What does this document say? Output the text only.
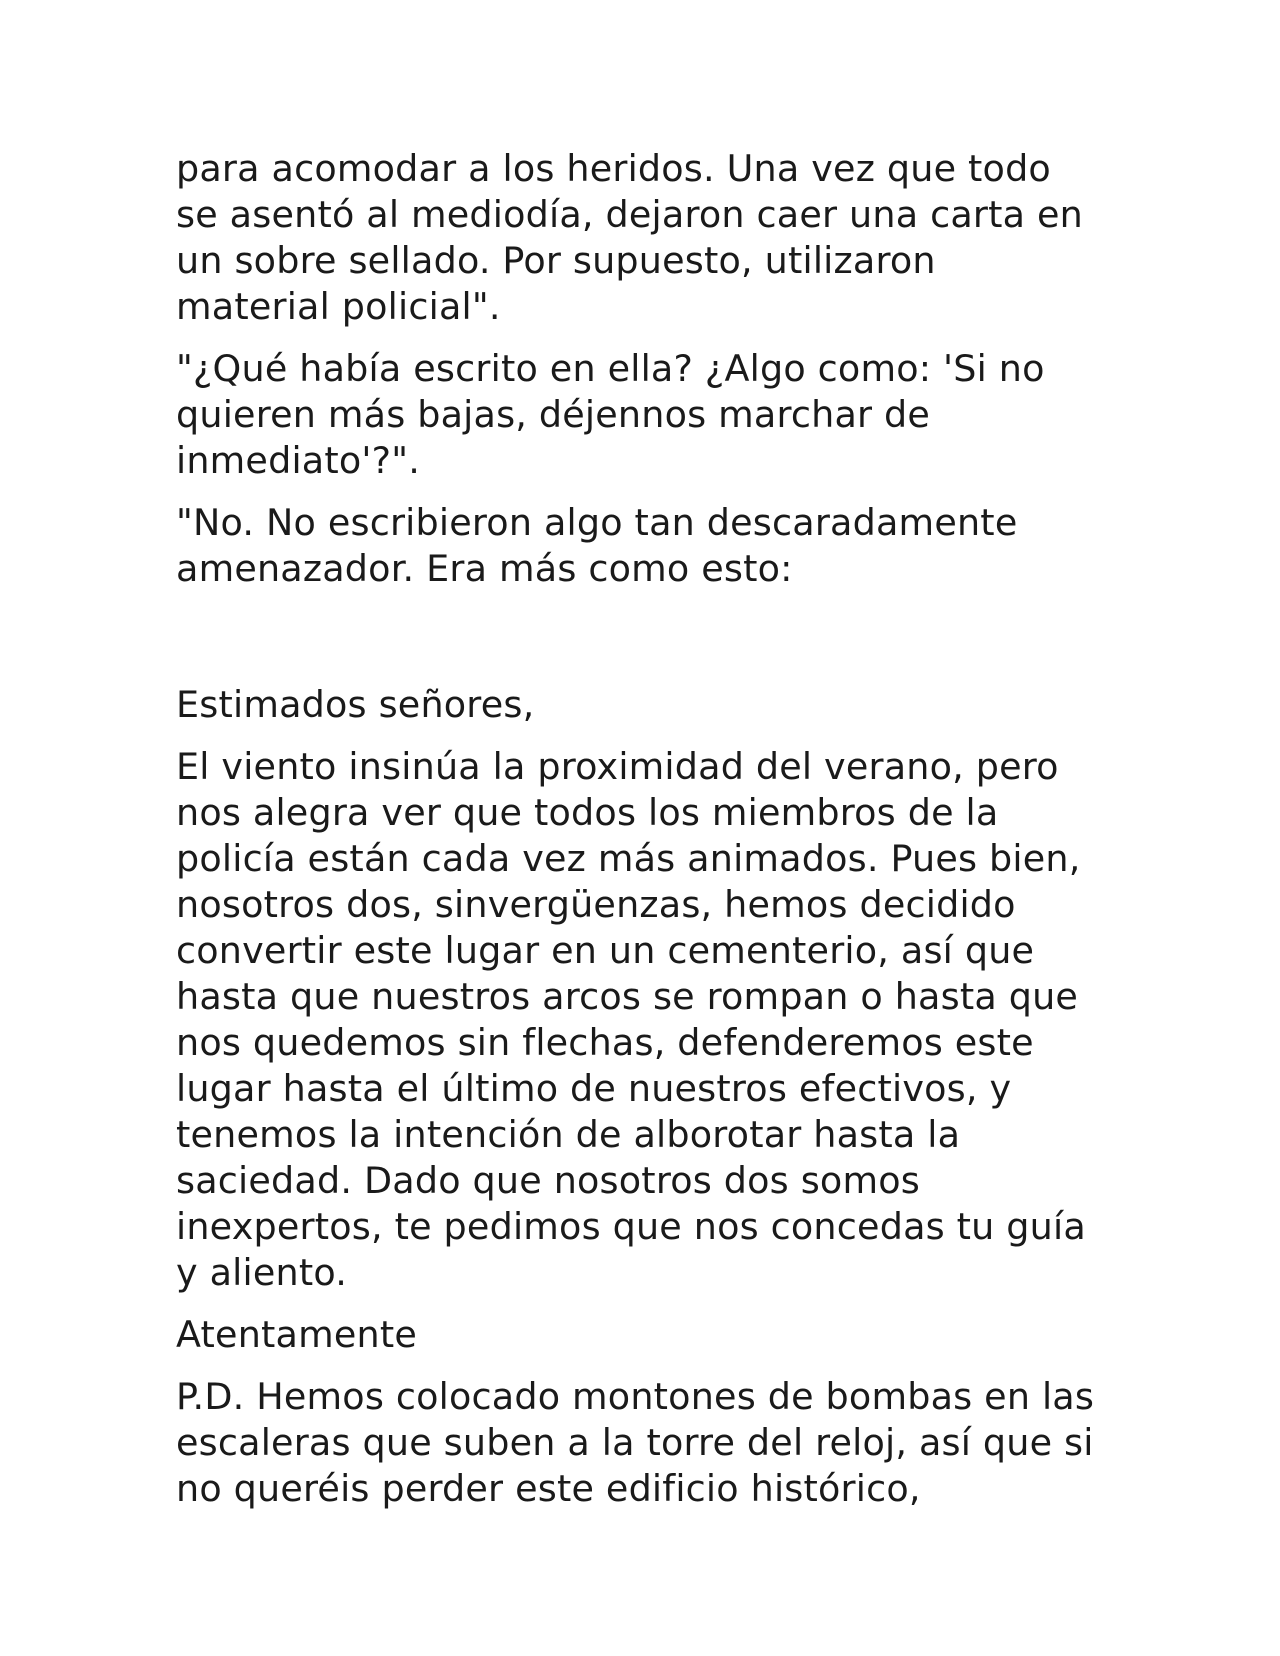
para acomodar a los heridos. Una vez que todo se asentó al mediodía, dejaron caer una carta en un sobre sellado. Por supuesto, utilizaron material policial".

"¿Qué había escrito en ella? ¿Algo como: 'Si no quieren más bajas, déjennos marchar de inmediato'?".

"No. No escribieron algo tan descaradamente amenazador. Era más como esto:

Estimados señores,

El viento insinúa la proximidad del verano, pero nos alegra ver que todos los miembros de la policía están cada vez más animados. Pues bien, nosotros dos, sinvergüenzas, hemos decidido convertir este lugar en un cementerio, así que hasta que nuestros arcos se rompan o hasta que nos quedemos sin flechas, defenderemos este lugar hasta el último de nuestros efectivos, y tenemos la intención de alborotar hasta la saciedad. Dado que nosotros dos somos inexpertos, te pedimos que nos concedas tu guía y aliento.

Atentamente

P.D. Hemos colocado montones de bombas en las escaleras que suben a la torre del reloj, así que si no queréis perder este edificio histórico,
